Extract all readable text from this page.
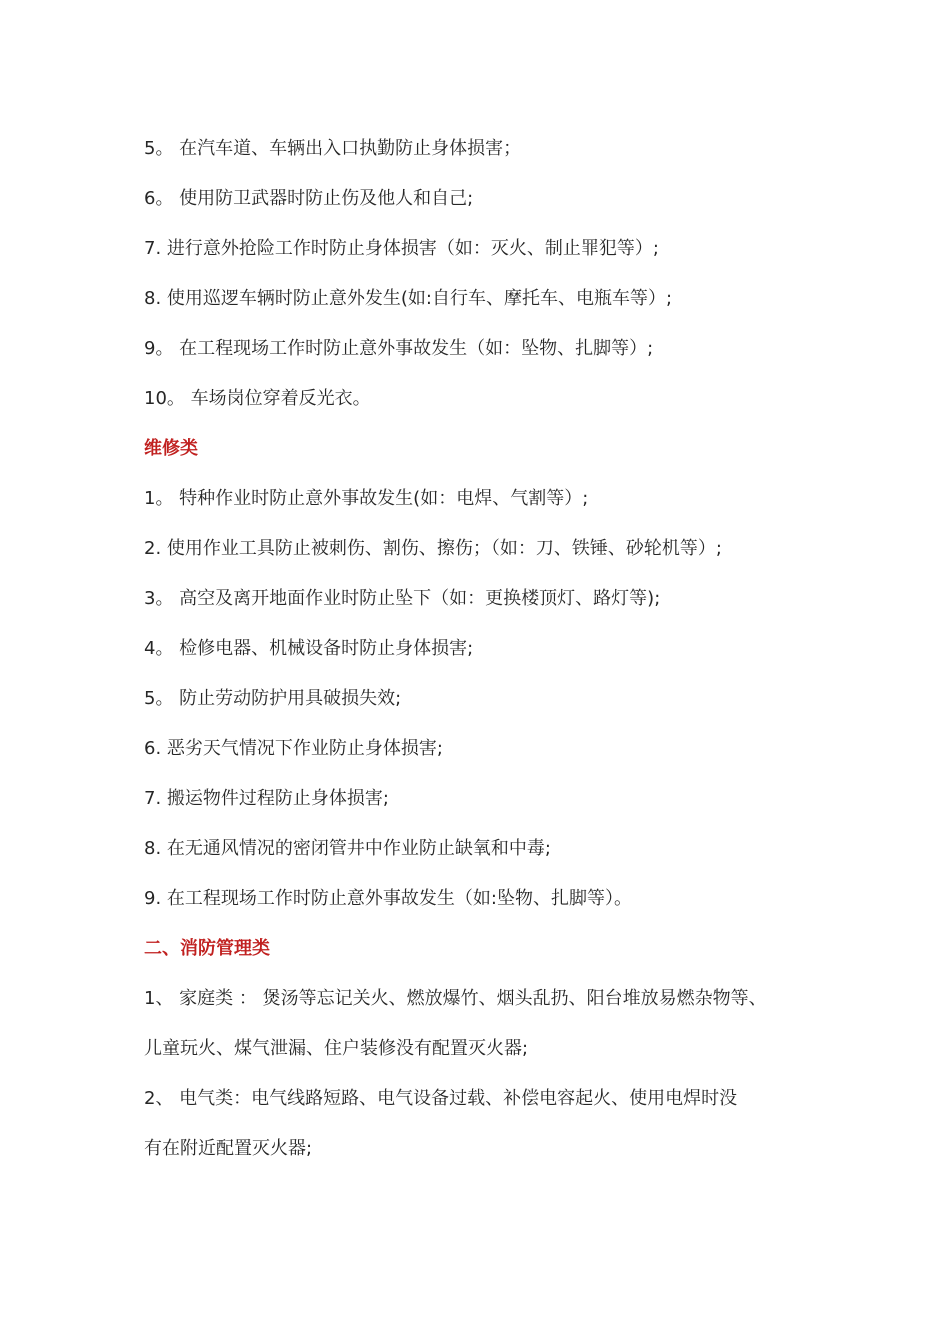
5。 在汽车道、车辆出入口执勤防止身体损害；
6。 使用防卫武器时防止伤及他人和自己;
7. 进行意外抢险工作时防止身体损害（如：灭火、制止罪犯等）;
8. 使用巡逻车辆时防止意外发生(如:自行车、摩托车、电瓶车等）;
9。 在工程现场工作时防止意外事故发生（如：坠物、扎脚等）;
10。 车场岗位穿着反光衣。
维修类
1。 特种作业时防止意外事故发生(如：电焊、气割等）;
2. 使用作业工具防止被刺伤、割伤、擦伤；（如：刀、铁锤、砂轮机等）;
3。 高空及离开地面作业时防止坠下（如：更换楼顶灯、路灯等);
4。 检修电器、机械设备时防止身体损害;
5。 防止劳动防护用具破损失效;
6. 恶劣天气情况下作业防止身体损害;
7. 搬运物件过程防止身体损害;
8. 在无通风情况的密闭管井中作业防止缺氧和中毒;
9. 在工程现场工作时防止意外事故发生（如:坠物、扎脚等）。
二、消防管理类
1、 家庭类 ： 煲汤等忘记关火、燃放爆竹、烟头乱扔、阳台堆放易燃杂物等、
儿童玩火、煤气泄漏、住户装修没有配置灭火器;
2、 电气类：电气线路短路、电气设备过载、补偿电容起火、使用电焊时没
有在附近配置灭火器;
